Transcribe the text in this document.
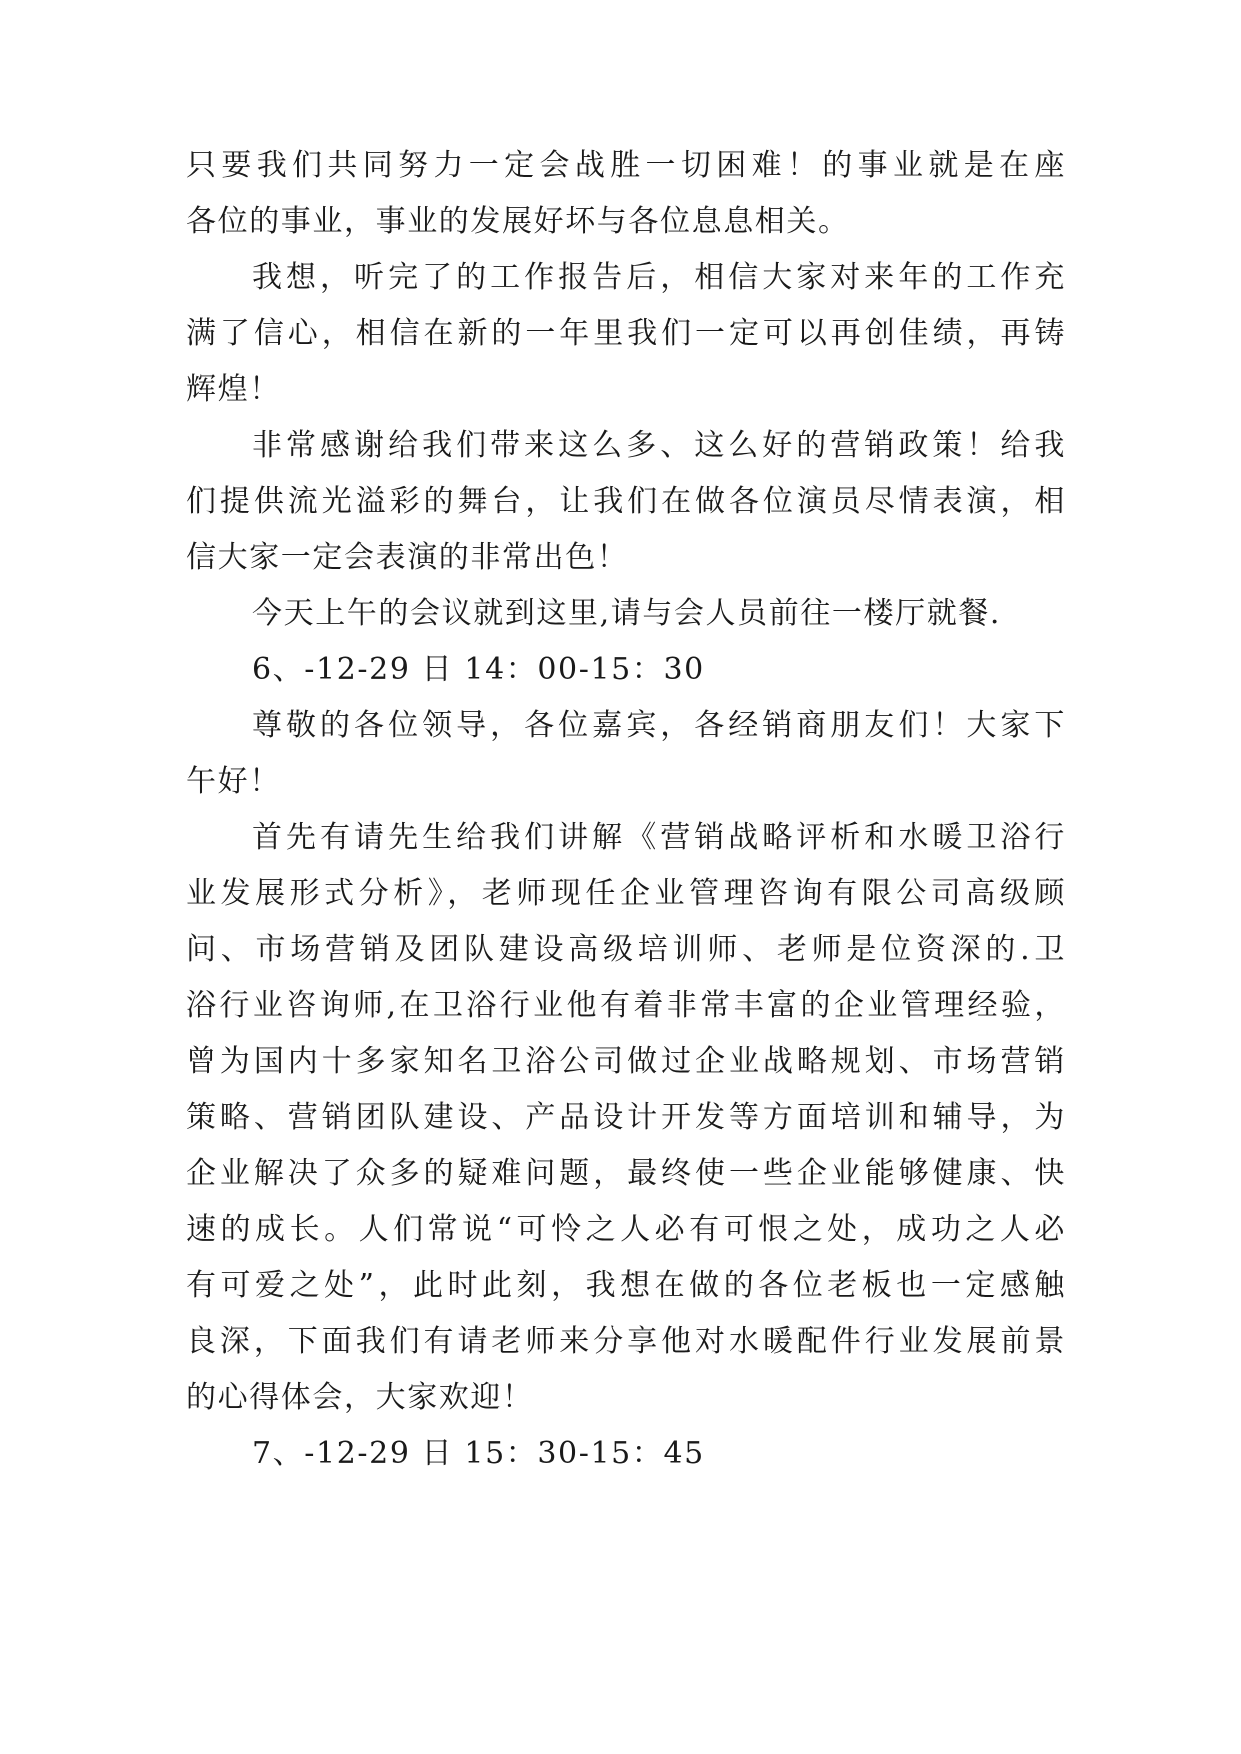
只要我们共同努力一定会战胜一切困难！的事业就是在座
各位的事业，事业的发展好坏与各位息息相关。
我想，听完了的工作报告后，相信大家对来年的工作充
满了信心，相信在新的一年里我们一定可以再创佳绩，再铸
辉煌！
非常感谢给我们带来这么多、这么好的营销政策！给我
们提供流光溢彩的舞台，让我们在做各位演员尽情表演，相
信大家一定会表演的非常出色！
今天上午的会议就到这里,请与会人员前往一楼厅就餐.
6、-12-29 日 14：00-15：30
尊敬的各位领导，各位嘉宾，各经销商朋友们！大家下
午好！
首先有请先生给我们讲解《营销战略评析和水暖卫浴行
业发展形式分析》，老师现任企业管理咨询有限公司高级顾
问、市场营销及团队建设高级培训师、老师是位资深的.卫
浴行业咨询师,在卫浴行业他有着非常丰富的企业管理经验，
曾为国内十多家知名卫浴公司做过企业战略规划、市场营销
策略、营销团队建设、产品设计开发等方面培训和辅导，为
企业解决了众多的疑难问题，最终使一些企业能够健康、快
速的成长。人们常说“可怜之人必有可恨之处，成功之人必
有可爱之处”，此时此刻，我想在做的各位老板也一定感触
良深，下面我们有请老师来分享他对水暖配件行业发展前景
的心得体会，大家欢迎！
7、-12-29 日 15：30-15：45
